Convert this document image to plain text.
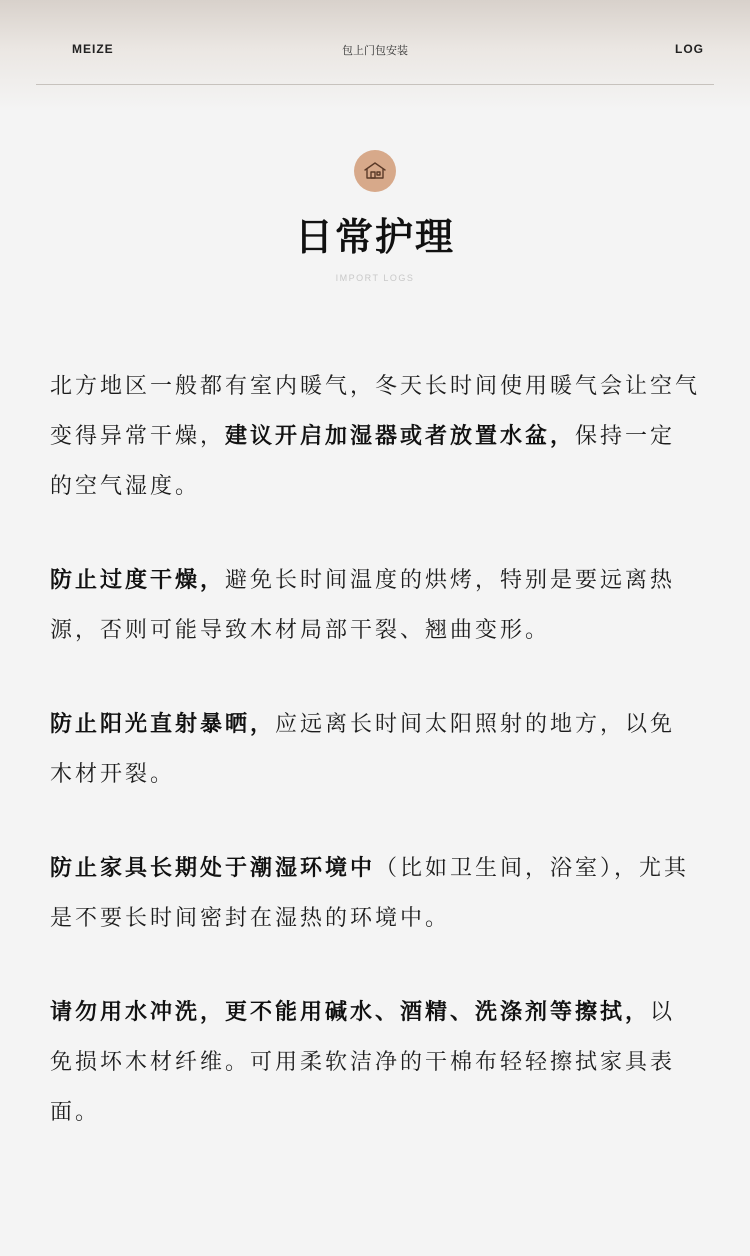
MEIZE	包上门包安装	LOG
日常护理
IMPORT LOGS

北方地区一般都有室内暖气，冬天长时间使用暖气会让空气变得异常干燥，建议开启加湿器或者放置水盆，保持一定的空气湿度。

防止过度干燥，避免长时间温度的烘烤，特别是要远离热源，否则可能导致木材局部干裂、翘曲变形。

防止阳光直射暴晒，应远离长时间太阳照射的地方，以免木材开裂。

防止家具长期处于潮湿环境中（比如卫生间，浴室），尤其是不要长时间密封在湿热的环境中。

请勿用水冲洗，更不能用碱水、酒精、洗涤剂等擦拭，以免损坏木材纤维。可用柔软洁净的干棉布轻轻擦拭家具表面。
